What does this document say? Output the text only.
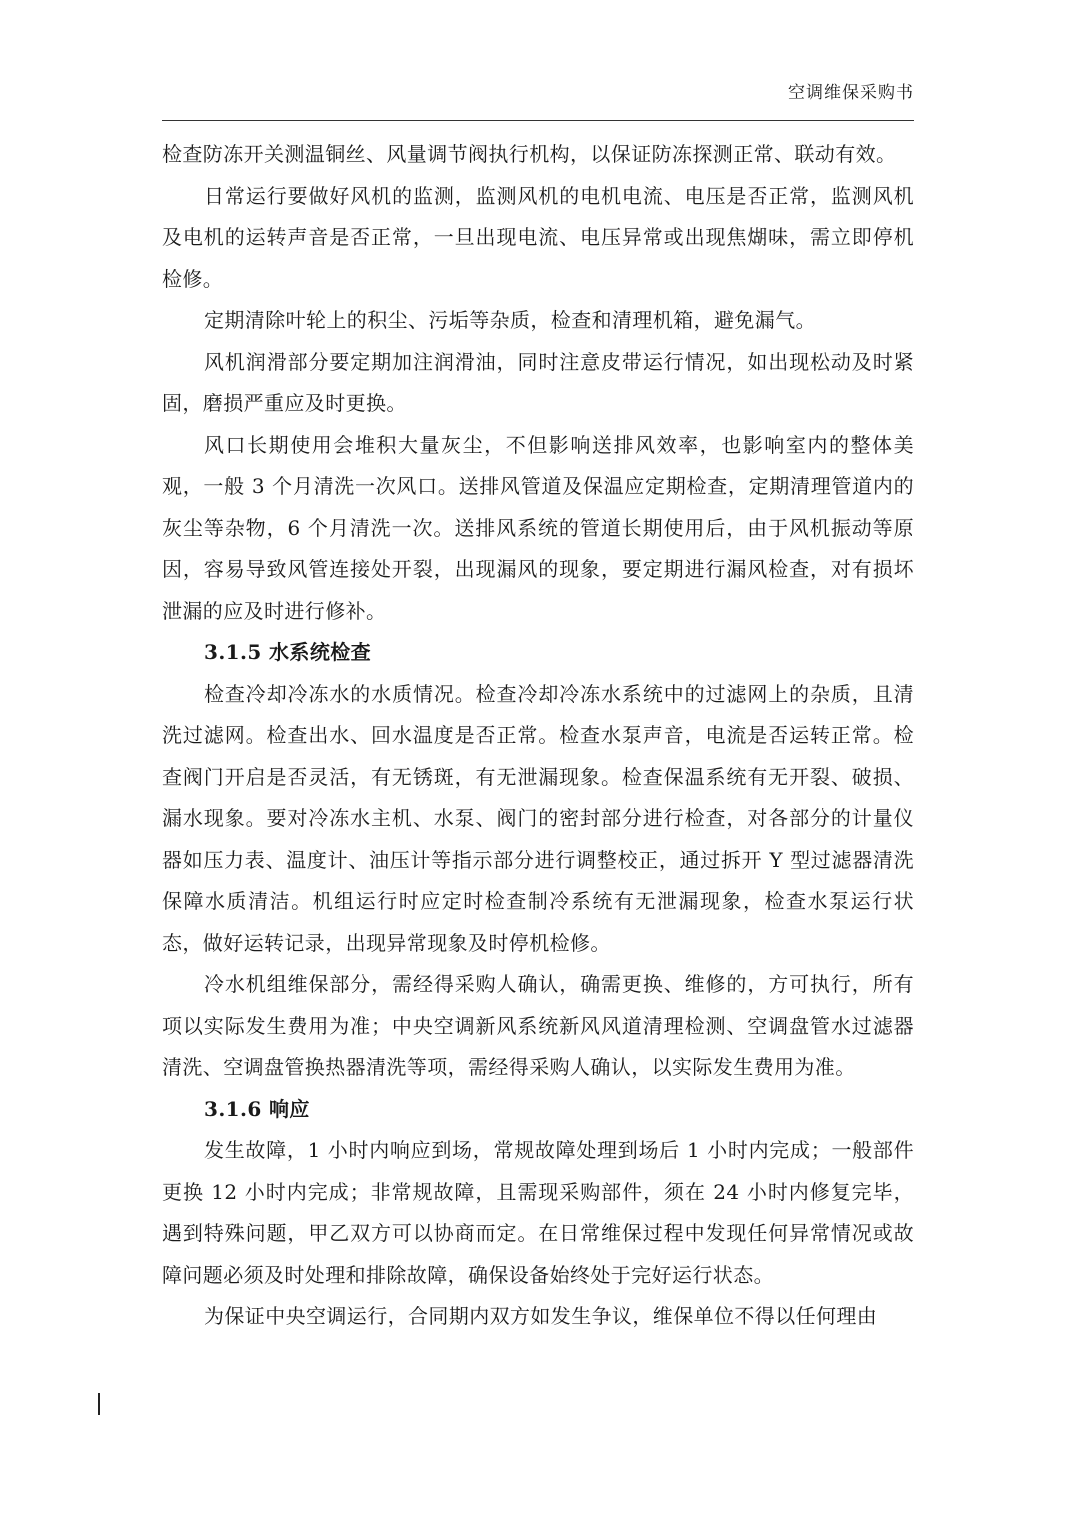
空调维保采购书

检查防冻开关测温铜丝、风量调节阀执行机构，以保证防冻探测正常、联动有效。

日常运行要做好风机的监测，监测风机的电机电流、电压是否正常，监测风机及电机的运转声音是否正常，一旦出现电流、电压异常或出现焦煳味，需立即停机检修。

定期清除叶轮上的积尘、污垢等杂质，检查和清理机箱，避免漏气。

风机润滑部分要定期加注润滑油，同时注意皮带运行情况，如出现松动及时紧固，磨损严重应及时更换。

风口长期使用会堆积大量灰尘，不但影响送排风效率，也影响室内的整体美观，一般 3 个月清洗一次风口。送排风管道及保温应定期检查，定期清理管道内的灰尘等杂物，6 个月清洗一次。送排风系统的管道长期使用后，由于风机振动等原因，容易导致风管连接处开裂，出现漏风的现象，要定期进行漏风检查，对有损坏泄漏的应及时进行修补。

3.1.5 水系统检查

检查冷却冷冻水的水质情况。检查冷却冷冻水系统中的过滤网上的杂质，且清洗过滤网。检查出水、回水温度是否正常。检查水泵声音，电流是否运转正常。检查阀门开启是否灵活，有无锈斑，有无泄漏现象。检查保温系统有无开裂、破损、漏水现象。要对冷冻水主机、水泵、阀门的密封部分进行检查，对各部分的计量仪器如压力表、温度计、油压计等指示部分进行调整校正，通过拆开 Y 型过滤器清洗保障水质清洁。机组运行时应定时检查制冷系统有无泄漏现象，检查水泵运行状态，做好运转记录，出现异常现象及时停机检修。

冷水机组维保部分，需经得采购人确认，确需更换、维修的，方可执行，所有项以实际发生费用为准；中央空调新风系统新风风道清理检测、空调盘管水过滤器清洗、空调盘管换热器清洗等项，需经得采购人确认，以实际发生费用为准。

3.1.6 响应

发生故障，1 小时内响应到场，常规故障处理到场后 1 小时内完成；一般部件更换 12 小时内完成；非常规故障，且需现采购部件，须在 24 小时内修复完毕，遇到特殊问题，甲乙双方可以协商而定。在日常维保过程中发现任何异常情况或故障问题必须及时处理和排除故障，确保设备始终处于完好运行状态。

为保证中央空调运行，合同期内双方如发生争议，维保单位不得以任何理由
